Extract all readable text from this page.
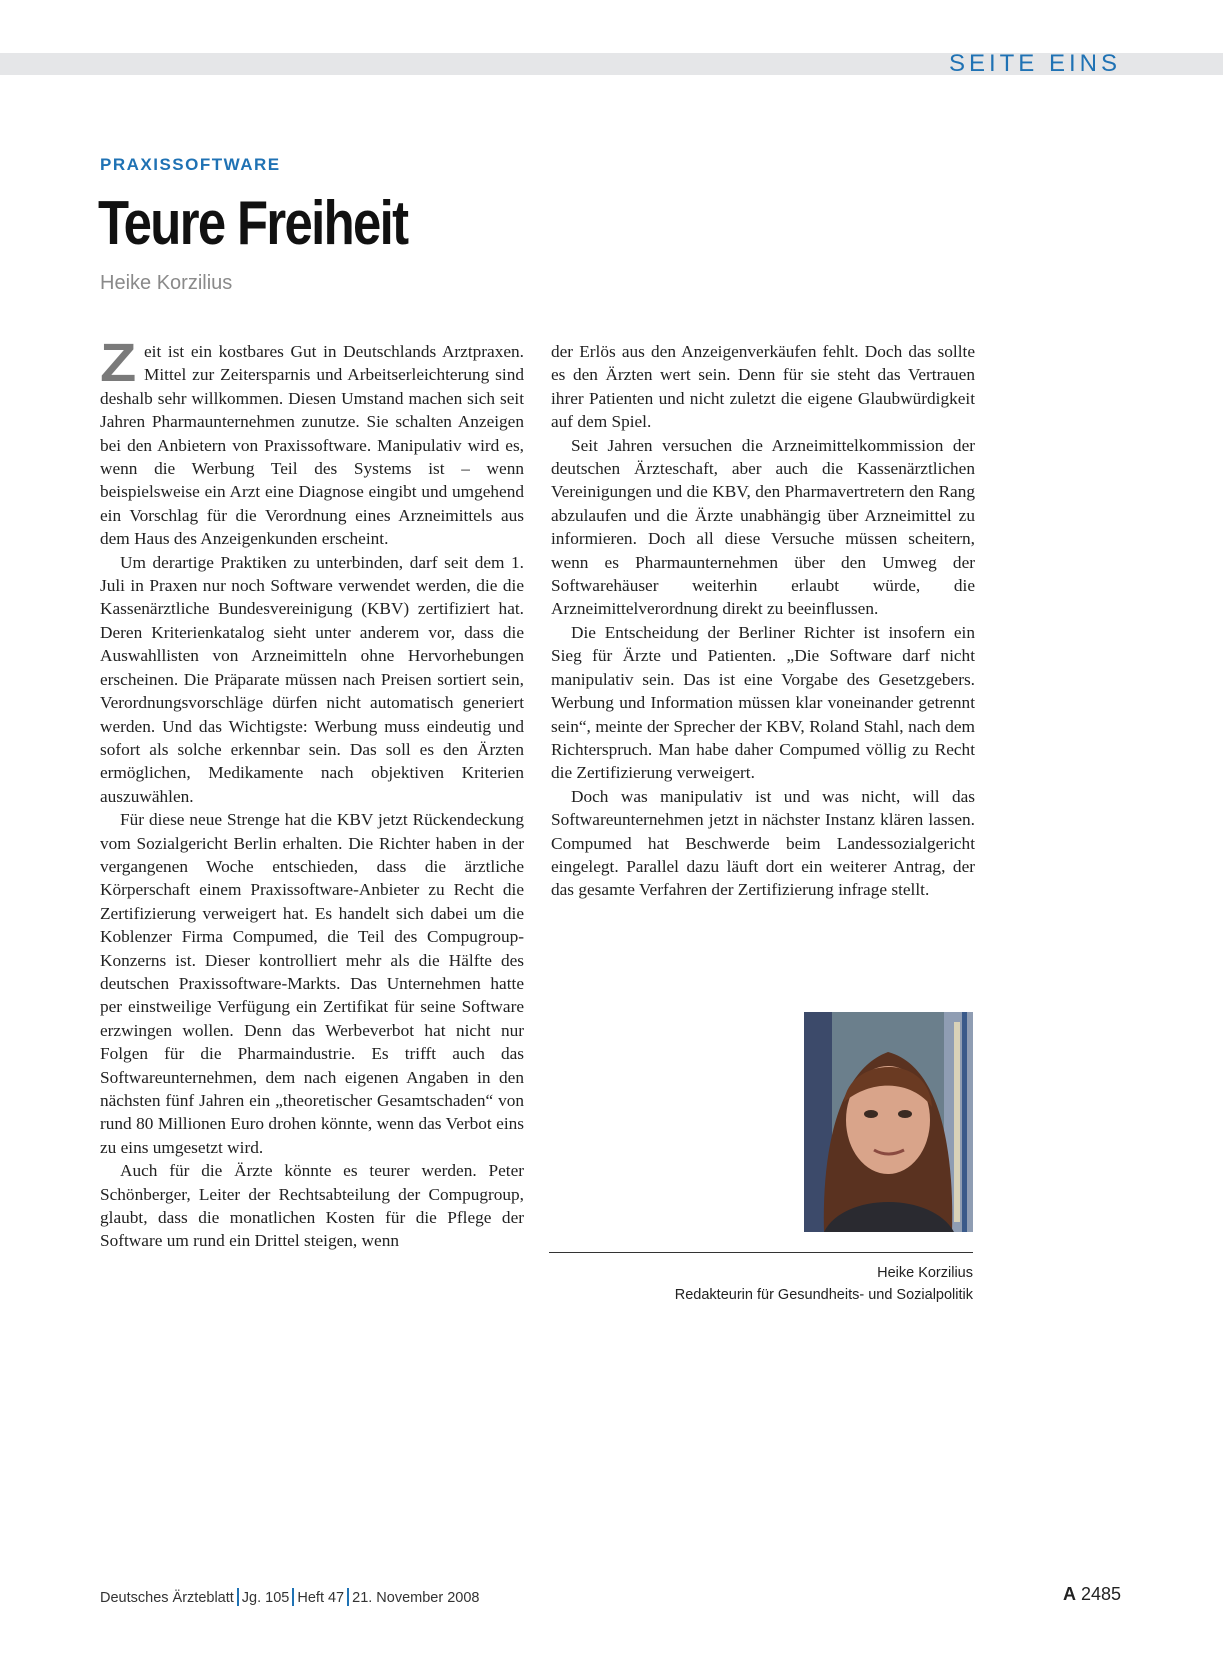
SEITE EINS
PRAXISSOFTWARE
Teure Freiheit
Heike Korzilius

Zeit ist ein kostbares Gut in Deutschlands Arztpraxen. Mittel zur Zeitersparnis und Arbeitserleichterung sind deshalb sehr willkommen. Diesen Umstand machen sich seit Jahren Pharmaunternehmen zunutze. Sie schalten Anzeigen bei den Anbietern von Praxissoftware. Manipulativ wird es, wenn die Werbung Teil des Systems ist – wenn beispielsweise ein Arzt eine Diagnose eingibt und umgehend ein Vorschlag für die Verordnung eines Arzneimittels aus dem Haus des Anzeigenkunden erscheint.

Um derartige Praktiken zu unterbinden, darf seit dem 1. Juli in Praxen nur noch Software verwendet werden, die die Kassenärztliche Bundesvereinigung (KBV) zertifiziert hat. Deren Kriterienkatalog sieht unter anderem vor, dass die Auswahllisten von Arzneimitteln ohne Hervorhebungen erscheinen. Die Präparate müssen nach Preisen sortiert sein, Verordnungsvorschläge dürfen nicht automatisch generiert werden. Und das Wichtigste: Werbung muss eindeutig und sofort als solche erkennbar sein. Das soll es den Ärzten ermöglichen, Medikamente nach objektiven Kriterien auszuwählen.

Für diese neue Strenge hat die KBV jetzt Rückendeckung vom Sozialgericht Berlin erhalten. Die Richter haben in der vergangenen Woche entschieden, dass die ärztliche Körperschaft einem Praxissoftware-Anbieter zu Recht die Zertifizierung verweigert hat. Es handelt sich dabei um die Koblenzer Firma Compumed, die Teil des Compugroup-Konzerns ist. Dieser kontrolliert mehr als die Hälfte des deutschen Praxissoftware-Markts. Das Unternehmen hatte per einstweilige Verfügung ein Zertifikat für seine Software erzwingen wollen. Denn das Werbeverbot hat nicht nur Folgen für die Pharmaindustrie. Es trifft auch das Softwareunternehmen, dem nach eigenen Angaben in den nächsten fünf Jahren ein „theoretischer Gesamtschaden“ von rund 80 Millionen Euro drohen könnte, wenn das Verbot eins zu eins umgesetzt wird.

Auch für die Ärzte könnte es teurer werden. Peter Schönberger, Leiter der Rechtsabteilung der Compugroup, glaubt, dass die monatlichen Kosten für die Pflege der Software um rund ein Drittel steigen, wenn

der Erlös aus den Anzeigenverkäufen fehlt. Doch das sollte es den Ärzten wert sein. Denn für sie steht das Vertrauen ihrer Patienten und nicht zuletzt die eigene Glaubwürdigkeit auf dem Spiel.

Seit Jahren versuchen die Arzneimittelkommission der deutschen Ärzteschaft, aber auch die Kassenärztlichen Vereinigungen und die KBV, den Pharmavertretern den Rang abzulaufen und die Ärzte unabhängig über Arzneimittel zu informieren. Doch all diese Versuche müssen scheitern, wenn es Pharmaunternehmen über den Umweg der Softwarehäuser weiterhin erlaubt würde, die Arzneimittelverordnung direkt zu beeinflussen.

Die Entscheidung der Berliner Richter ist insofern ein Sieg für Ärzte und Patienten. „Die Software darf nicht manipulativ sein. Das ist eine Vorgabe des Gesetzgebers. Werbung und Information müssen klar voneinander getrennt sein“, meinte der Sprecher der KBV, Roland Stahl, nach dem Richterspruch. Man habe daher Compumed völlig zu Recht die Zertifizierung verweigert.

Doch was manipulativ ist und was nicht, will das Softwareunternehmen jetzt in nächster Instanz klären lassen. Compumed hat Beschwerde beim Landessozialgericht eingelegt. Parallel dazu läuft dort ein weiterer Antrag, der das gesamte Verfahren der Zertifizierung infrage stellt.

Heike Korzilius
Redakteurin für Gesundheits- und Sozialpolitik
Deutsches Ärzteblatt Jg. 105 Heft 47 21. November 2008	A 2485
